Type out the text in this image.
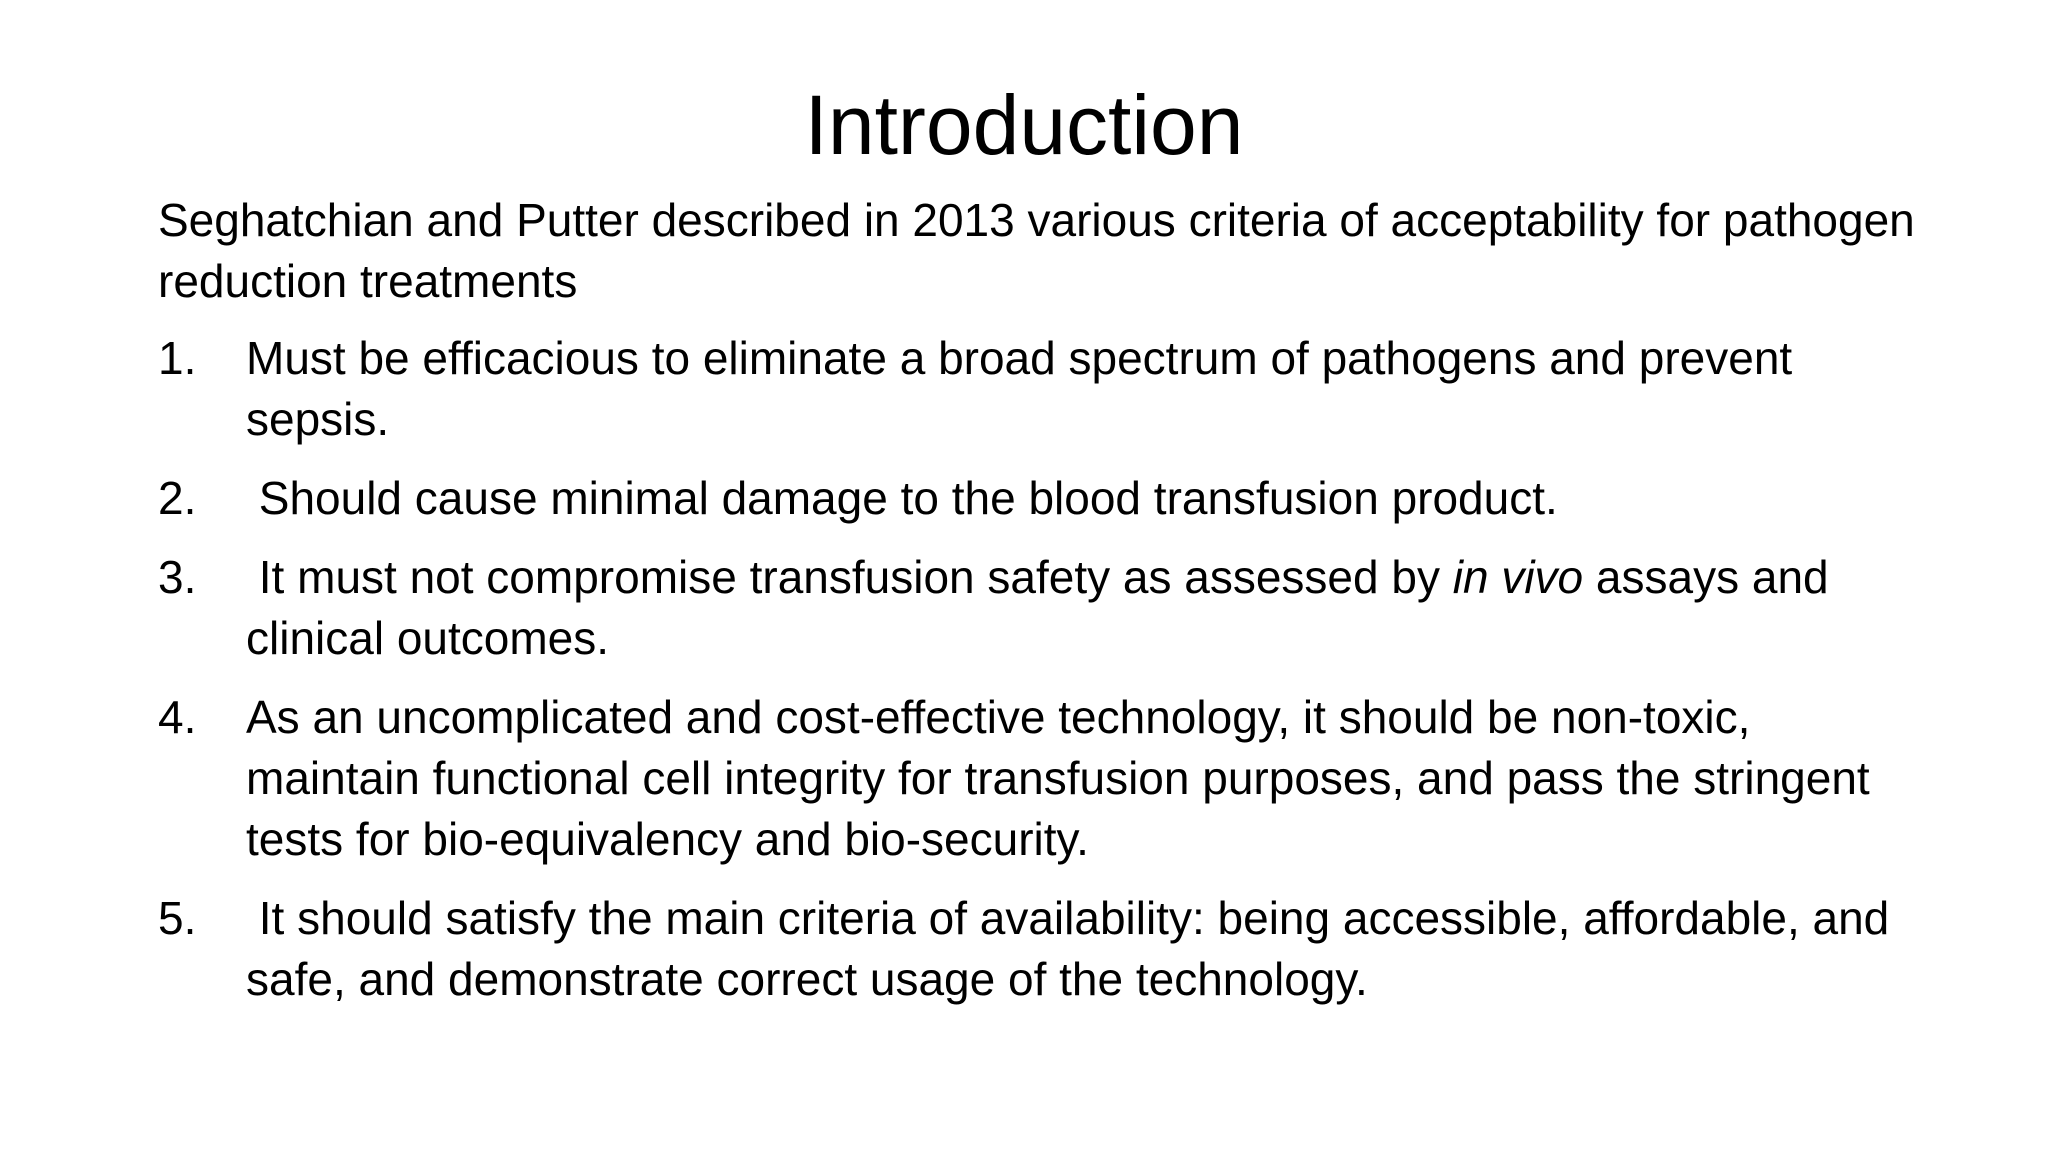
Introduction

Seghatchian and Putter described in 2013 various criteria of acceptability for pathogen reduction treatments

1.	Must be efficacious to eliminate a broad spectrum of pathogens and prevent sepsis.
2.	​ Should cause minimal damage to the blood transfusion product.
3.	​ It must not compromise transfusion safety as assessed by in vivo assays and clinical outcomes.
4.	As an uncomplicated and cost-effective technology, it should be non-toxic, maintain functional cell integrity for transfusion purposes, and pass the stringent tests for bio-equivalency and bio-security.
5.	​ It should satisfy the main criteria of availability: being accessible, affordable, and safe, and demonstrate correct usage of the technology.
